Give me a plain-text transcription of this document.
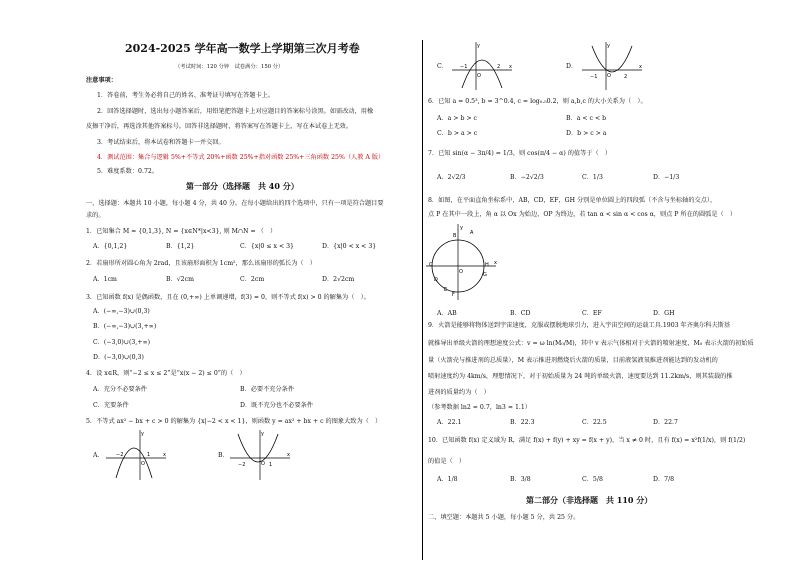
2024-2025 学年高一数学上学期第三次月考卷
（考试时间：120 分钟　试卷满分：150 分）
注意事项：
1．答卷前，考生务必将自己的姓名、准考证号填写在答题卡上。
2．回答选择题时，选出每小题答案后，用铅笔把答题卡上对应题目的答案标号涂黑。如需改动，用橡
皮擦干净后，再选涂其他答案标号。回答非选择题时，将答案写在答题卡上，写在本试卷上无效。
3．考试结束后，将本试卷和答题卡一并交回。
4．测试范围：集合与逻辑 5%+不等式 20%+函数 25%+指对函数 25%+三角函数 25%（人教 A 版）
5．难度系数：0.72。
第一部分（选择题　共 40 分）
一、选择题：本题共 10 小题，每小题 4 分，共 40 分。在每小题给出的四个选项中，只有一项是符合题目要
求的。
1．已知集合 M = {0,1,3}, N = {x∈N*|x<3}, 则 M∩N = （　）
A．{0,1,2}	B．{1,2}	C．{x|0 ≤ x < 3}	D．{x|0 < x < 3}
2．若扇形所对圆心角为 2rad，且该扇形面积为 1cm²，那么该扇形的弧长为（　）
A．1cm	B．√2cm	C．2cm	D．2√2cm
3．已知函数 f(x) 是偶函数，且在 (0,+∞) 上单调递增，f(3) = 0，则不等式 f(x) > 0 的解集为（　）。
A．(−∞,−3)∪(0,3)
B．(−∞,−3)∪(3,+∞)
C．(−3,0)∪(3,+∞)
D．(−3,0)∪(0,3)
4．设 x∈R，则“−2 ≤ x ≤ 2”是“x(x − 2) ≤ 0”的（　）
A．充分不必要条件	B．必要不充分条件
C．充要条件	D．既不充分也不必要条件
5．不等式 ax² − bx + c > 0 的解集为 {x|−2 < x < 1}，则函数 y = ax² + bx + c 的图象大致为（　）
A．	B．
y
x
O
−2	1
y
x
O
−2	1
C．	D．
y
x
O
−1	2
y
x
O
−1	2
6．已知 a = 0.5³, b = 3^0.4, c = log₀.₅0.2，则 a,b,c 的大小关系为（　）。
A．a > b > c	B．a < c < b
C．b > a > c	D．b > c > a
7．已知 sin(α − 3π/4) = 1/3，则 cos(π/4 − α) 的值等于（　）
A．2√2/3	B．−2√2/3	C．1/3	D．−1/3
8．如图，在平面直角坐标系中，AB，CD，EF，GH 分别是单位圆上的四段弧（不含与坐标轴的交点），
点 P 在其中一段上，角 α 以 Ox 为始边，OP 为终边，若 tan α < sin α < cos α，则点 P 所在的圆弧是（　）
y
x
O
A
B
C
D
E
F
G
H
A．AB	B．CD	C．EF	D．GH
9．火箭是能够将物体送到宇宙速度，克服或摆脱地球引力，进入宇宙空间的运载工具.1903 年齐奥尔科夫斯基
就推导出单级火箭的理想速度公式：v = ω ln(M₀/M)，其中 v 表示气体相对于火箭的喷射速度，M₀ 表示火箭的初始质
量（火箭壳与推进剂的总质量），M 表示推进剂燃烧后火箭的质量，目前液氢液氧推进剂能达到的发动机的
喷射速度约为 4km/s，理想情况下，对于初始质量为 24 吨的单级火箭，速度要达到 11.2km/s，则其装载的推
进剂的质量约为（　）
（参考数据 ln2 ≈ 0.7，ln3 ≈ 1.1）
A．22.1	B．22.3	C．22.5	D．22.7
10．已知函数 f(x) 定义域为 R，满足 f(x) + f(y) + xy = f(x + y)，当 x ≠ 0 时，且有 f(x) = x²f(1/x)，则 f(1/2)
的值是（　）
A．1/8	B．3/8	C．5/8	D．7/8
第二部分（非选择题　共 110 分）
二、填空题：本题共 5 小题，每小题 5 分，共 25 分。
